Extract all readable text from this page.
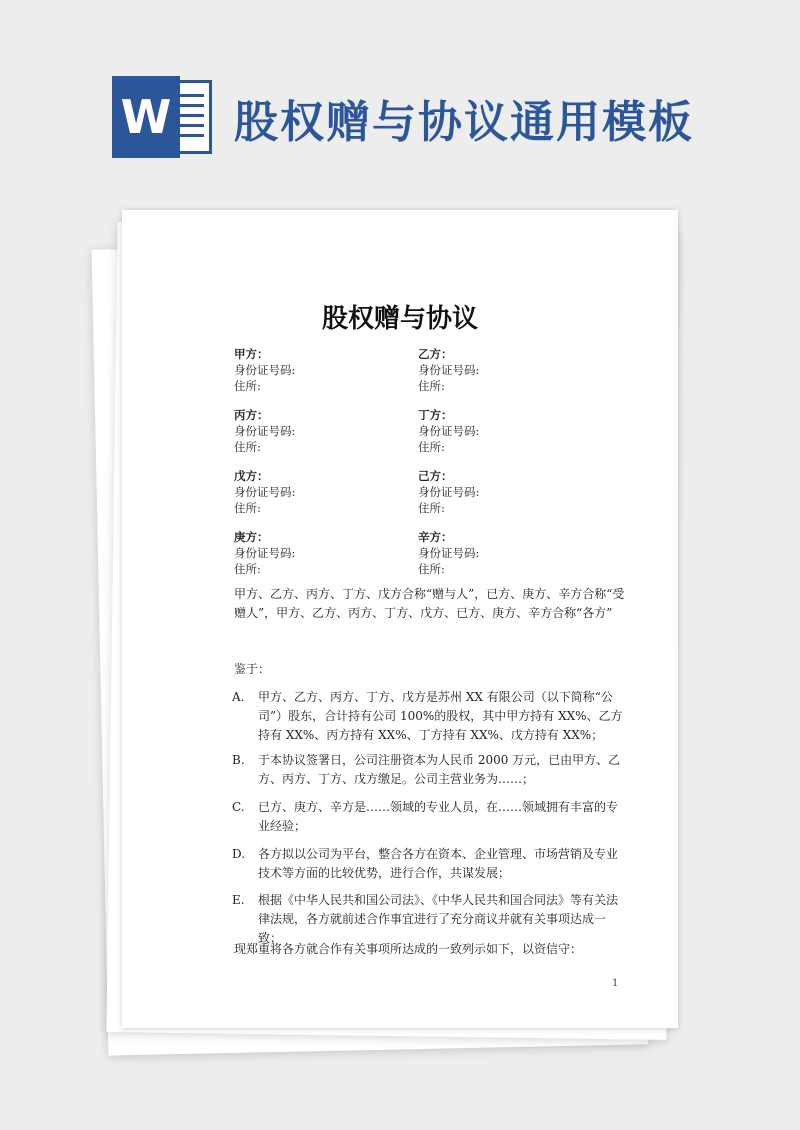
W 股权赠与协议通用模板
股权赠与协议
甲方：
身份证号码:
住所:
乙方：
身份证号码:
住所:
丙方：
身份证号码:
住所:
丁方：
身份证号码:
住所:
戊方：
身份证号码:
住所:
己方：
身份证号码:
住所:
庚方：
身份证号码:
住所:
辛方：
身份证号码:
住所:
甲方、乙方、丙方、丁方、戊方合称“赠与人”，已方、庚方、辛方合称“受
赠人”，甲方、乙方、丙方、丁方、戊方、已方、庚方、辛方合称“各方”
鉴于：
A. 甲方、乙方、丙方、丁方、戊方是苏州 XX 有限公司（以下简称“公司”）股东，合计持有公司 100%的股权，其中甲方持有 XX%、乙方持有 XX%、丙方持有 XX%、丁方持有 XX%、戊方持有 XX%；
B. 于本协议签署日，公司注册资本为人民币 2000 万元，已由甲方、乙方、丙方、丁方、戊方缴足。公司主营业务为……；
C. 已方、庚方、辛方是……领域的专业人员，在……领域拥有丰富的专业经验；
D. 各方拟以公司为平台，整合各方在资本、企业管理、市场营销及专业技术等方面的比较优势，进行合作，共谋发展；
E. 根据《中华人民共和国公司法》、《中华人民共和国合同法》等有关法律法规，各方就前述合作事宜进行了充分商议并就有关事项达成一致；
现郑重将各方就合作有关事项所达成的一致列示如下，以资信守：
1
